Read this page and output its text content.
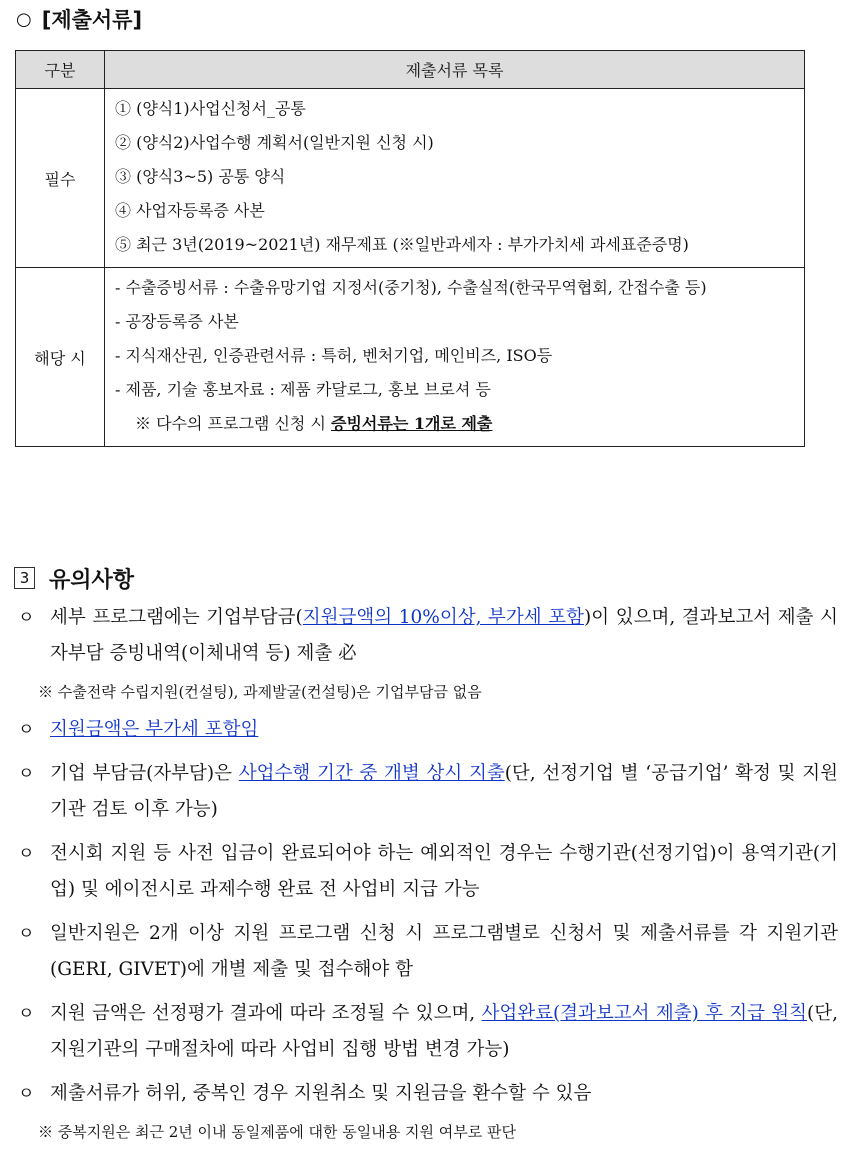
○ [제출서류]
구분	제출서류 목록
필수	① (양식1)사업신청서_공통
② (양식2)사업수행 계획서(일반지원 신청 시)
③ (양식3~5) 공통 양식
④ 사업자등록증 사본
⑤ 최근 3년(2019~2021년) 재무제표 (※일반과세자 : 부가가치세 과세표준증명)

해당 시	- 수출증빙서류 : 수출유망기업 지정서(중기청), 수출실적(한국무역협회, 간접수출 등)
- 공장등록증 사본
- 지식재산권, 인증관련서류 : 특허, 벤처기업, 메인비즈, ISO등
- 제품, 기술 홍보자료 : 제품 카달로그, 홍보 브로셔 등
※ 다수의 프로그램 신청 시 증빙서류는 1개로 제출
3 유의사항
ㅇ 세부 프로그램에는 기업부담금(지원금액의 10%이상, 부가세 포함)이 있으며, 결과보고서 제출 시 자부담 증빙내역(이체내역 등) 제출 必
※ 수출전략 수립지원(컨설팅), 과제발굴(컨설팅)은 기업부담금 없음
ㅇ 지원금액은 부가세 포함임
ㅇ 기업 부담금(자부담)은 사업수행 기간 중 개별 상시 지출(단, 선정기업 별 ‘공급기업’ 확정 및 지원기관 검토 이후 가능)
ㅇ 전시회 지원 등 사전 입금이 완료되어야 하는 예외적인 경우는 수행기관(선정기업)이 용역기관(기업) 및 에이전시로 과제수행 완료 전 사업비 지급 가능
ㅇ 일반지원은 2개 이상 지원 프로그램 신청 시 프로그램별로 신청서 및 제출서류를 각 지원기관(GERI, GIVET)에 개별 제출 및 접수해야 함
ㅇ 지원 금액은 선정평가 결과에 따라 조정될 수 있으며, 사업완료(결과보고서 제출) 후 지급 원칙(단, 지원기관의 구매절차에 따라 사업비 집행 방법 변경 가능)
ㅇ 제출서류가 허위, 중복인 경우 지원취소 및 지원금을 환수할 수 있음
※ 중복지원은 최근 2년 이내 동일제품에 대한 동일내용 지원 여부로 판단
